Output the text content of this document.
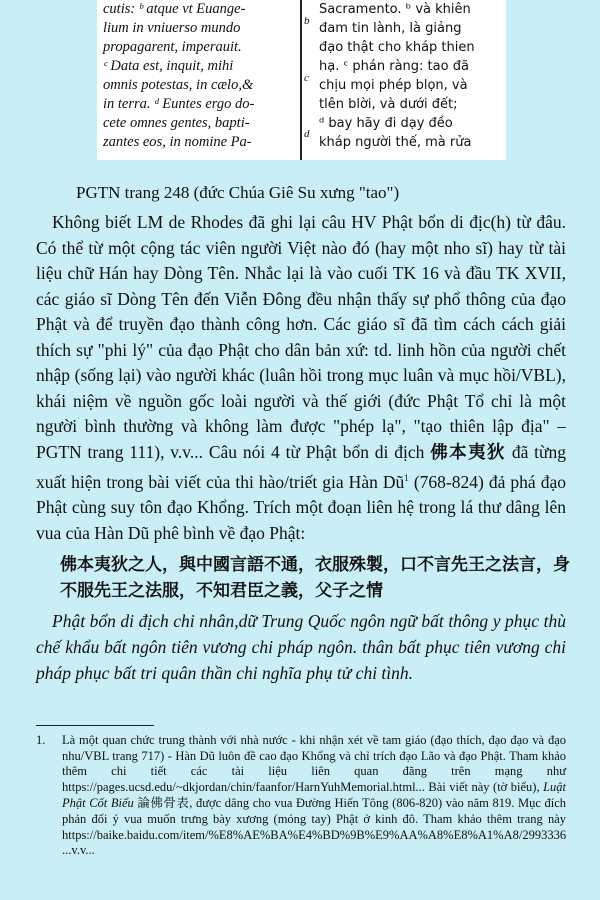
cutis: ᵇ atque vt Euange-
lium in vniuerso mundo
propagarent, imperauit.
ᶜ Data est, inquit, mihi
omnis potestas, in cælo,&
in terra. ᵈ Euntes ergo do-
cete omnes gentes, bapti-
zantes eos, in nomine Pa-
b
c
d
Sacramento. ᵇ và khiên
đam tin lành, là giảng
đạo thật cho kháp thien
hạ. ᶜ phán ràng: tao đã
chịu mọi phép blọn, và
tlên blời, và dưới đết;
ᵈ bay hãy đi dạy đềo
kháp người thế, mà rửa
PGTN trang 248 (đức Chúa Giê Su xưng "tao")

Không biết LM de Rhodes đã ghi lại câu HV Phật bổn di địc(h) từ đâu. Có thể từ một cộng tác viên người Việt nào đó (hay một nho sĩ) hay từ tài liệu chữ Hán hay Dòng Tên. Nhắc lại là vào cuối TK 16 và đầu TK XVII, các giáo sĩ Dòng Tên đến Viễn Đông đều nhận thấy sự phổ thông của đạo Phật và để truyền đạo thành công hơn. Các giáo sĩ đã tìm cách cách giải thích sự "phi lý" của đạo Phật cho dân bản xứ: td. linh hồn của người chết nhập (sống lại) vào người khác (luân hồi trong mục luân và mục hồi/VBL), khái niệm về nguồn gốc loài người và thế giới (đức Phật Tổ chỉ là một người bình thường và không làm được "phép lạ", "tạo thiên lập địa" – PGTN trang 111), v.v... Câu nói 4 từ Phật bổn di địch 佛本夷狄 đã từng xuất hiện trong bài viết của thi hào/triết gia Hàn $Dũ^1$ (768-824) đả phá đạo Phật cùng suy tôn đạo Khổng. Trích một đoạn liên hệ trong lá thư dâng lên vua của Hàn Dũ phê bình về đạo Phật:

佛本夷狄之人，與中國言語不通，衣服殊製，口不言先王之法言，身不服先王之法服，不知君臣之義，父子之情

Phật bổn di địch chi nhân,dữ Trung Quốc ngôn ngữ bất thông y phục thù chế khẩu bất ngôn tiên vương chi pháp ngôn. thân bất phục tiên vương chi pháp phục bất tri quân thần chi nghĩa phụ tử chi tình.

1. Là một quan chức trung thành với nhà nước - khi nhận xét về tam giáo (đạo thích, đạo đạo và đạo nhu/VBL trang 717) - Hàn Dũ luôn đề cao đạo Khổng và chỉ trích đạo Lão và đạo Phật. Tham khảo thêm chi tiết các tài liệu liên quan đăng trên mạng như https://pages.ucsd.edu/~dkjordan/chin/faanfor/HarnYuhMemorial.html... Bài viết này (tờ biểu), Luật Phật Cốt Biểu 論佛骨表, được dâng cho vua Đường Hiến Tông (806-820) vào năm 819. Mục đích phản đối ý vua muốn trưng bày xương (móng tay) Phật ở kinh đô. Tham khảo thêm trang này https://baike.baidu.com/item/%E8%AE%BA%E4%BD%9B%E9%AA%A8%E8%A1%A8/2993336 ...v.v...
